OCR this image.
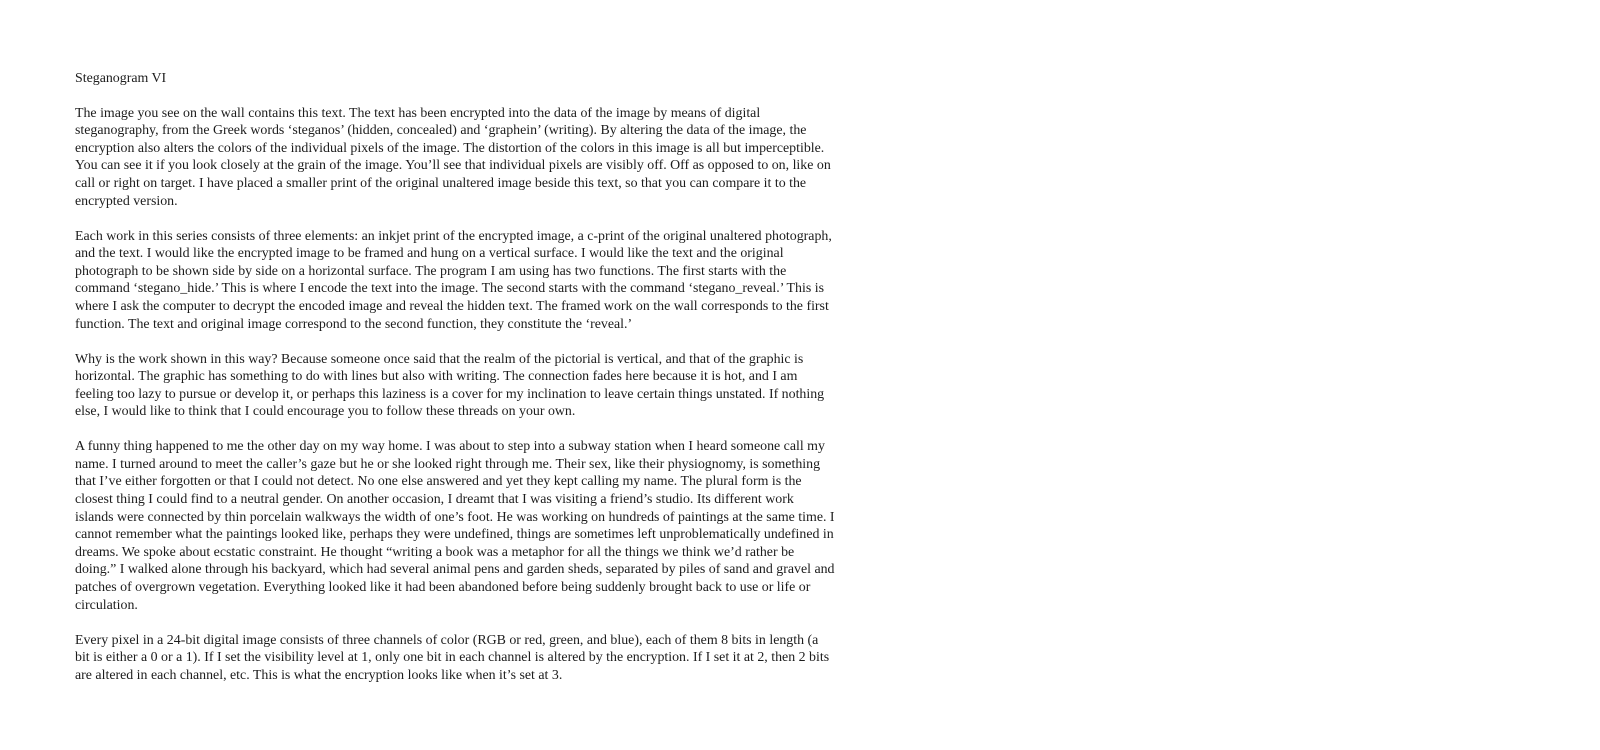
Steganogram VI

The image you see on the wall contains this text. The text has been encrypted into the data of the image by means of digital steganography, from the Greek words ‘steganos’ (hidden, concealed) and ‘graphein’ (writing). By altering the data of the image, the encryption also alters the colors of the individual pixels of the image. The distortion of the colors in this image is all but imperceptible. You can see it if you look closely at the grain of the image. You’ll see that individual pixels are visibly off. Off as opposed to on, like on call or right on target. I have placed a smaller print of the original unaltered image beside this text, so that you can compare it to the encrypted version.

Each work in this series consists of three elements: an inkjet print of the encrypted image, a c-print of the original unaltered photograph, and the text. I would like the encrypted image to be framed and hung on a vertical surface. I would like the text and the original photograph to be shown side by side on a horizontal surface. The program I am using has two functions. The first starts with the command ‘stegano_hide.’ This is where I encode the text into the image. The second starts with the command ‘stegano_reveal.’ This is where I ask the computer to decrypt the encoded image and reveal the hidden text. The framed work on the wall corresponds to the first function. The text and original image correspond to the second function, they constitute the ‘reveal.’

Why is the work shown in this way? Because someone once said that the realm of the pictorial is vertical, and that of the graphic is horizontal. The graphic has something to do with lines but also with writing. The connection fades here because it is hot, and I am feeling too lazy to pursue or develop it, or perhaps this laziness is a cover for my inclination to leave certain things unstated. If nothing else, I would like to think that I could encourage you to follow these threads on your own.

A funny thing happened to me the other day on my way home. I was about to step into a subway station when I heard someone call my name. I turned around to meet the caller’s gaze but he or she looked right through me. Their sex, like their physiognomy, is something that I’ve either forgotten or that I could not detect. No one else answered and yet they kept calling my name. The plural form is the closest thing I could find to a neutral gender. On another occasion, I dreamt that I was visiting a friend’s studio. Its different work islands were connected by thin porcelain walkways the width of one’s foot. He was working on hundreds of paintings at the same time. I cannot remember what the paintings looked like, perhaps they were undefined, things are sometimes left unproblematically undefined in dreams. We spoke about ecstatic constraint. He thought “writing a book was a metaphor for all the things we think we’d rather be doing.” I walked alone through his backyard, which had several animal pens and garden sheds, separated by piles of sand and gravel and patches of overgrown vegetation. Everything looked like it had been abandoned before being suddenly brought back to use or life or circulation.

Every pixel in a 24-bit digital image consists of three channels of color (RGB or red, green, and blue), each of them 8 bits in length (a bit is either a 0 or a 1). If I set the visibility level at 1, only one bit in each channel is altered by the encryption. If I set it at 2, then 2 bits are altered in each channel, etc. This is what the encryption looks like when it’s set at 3.
